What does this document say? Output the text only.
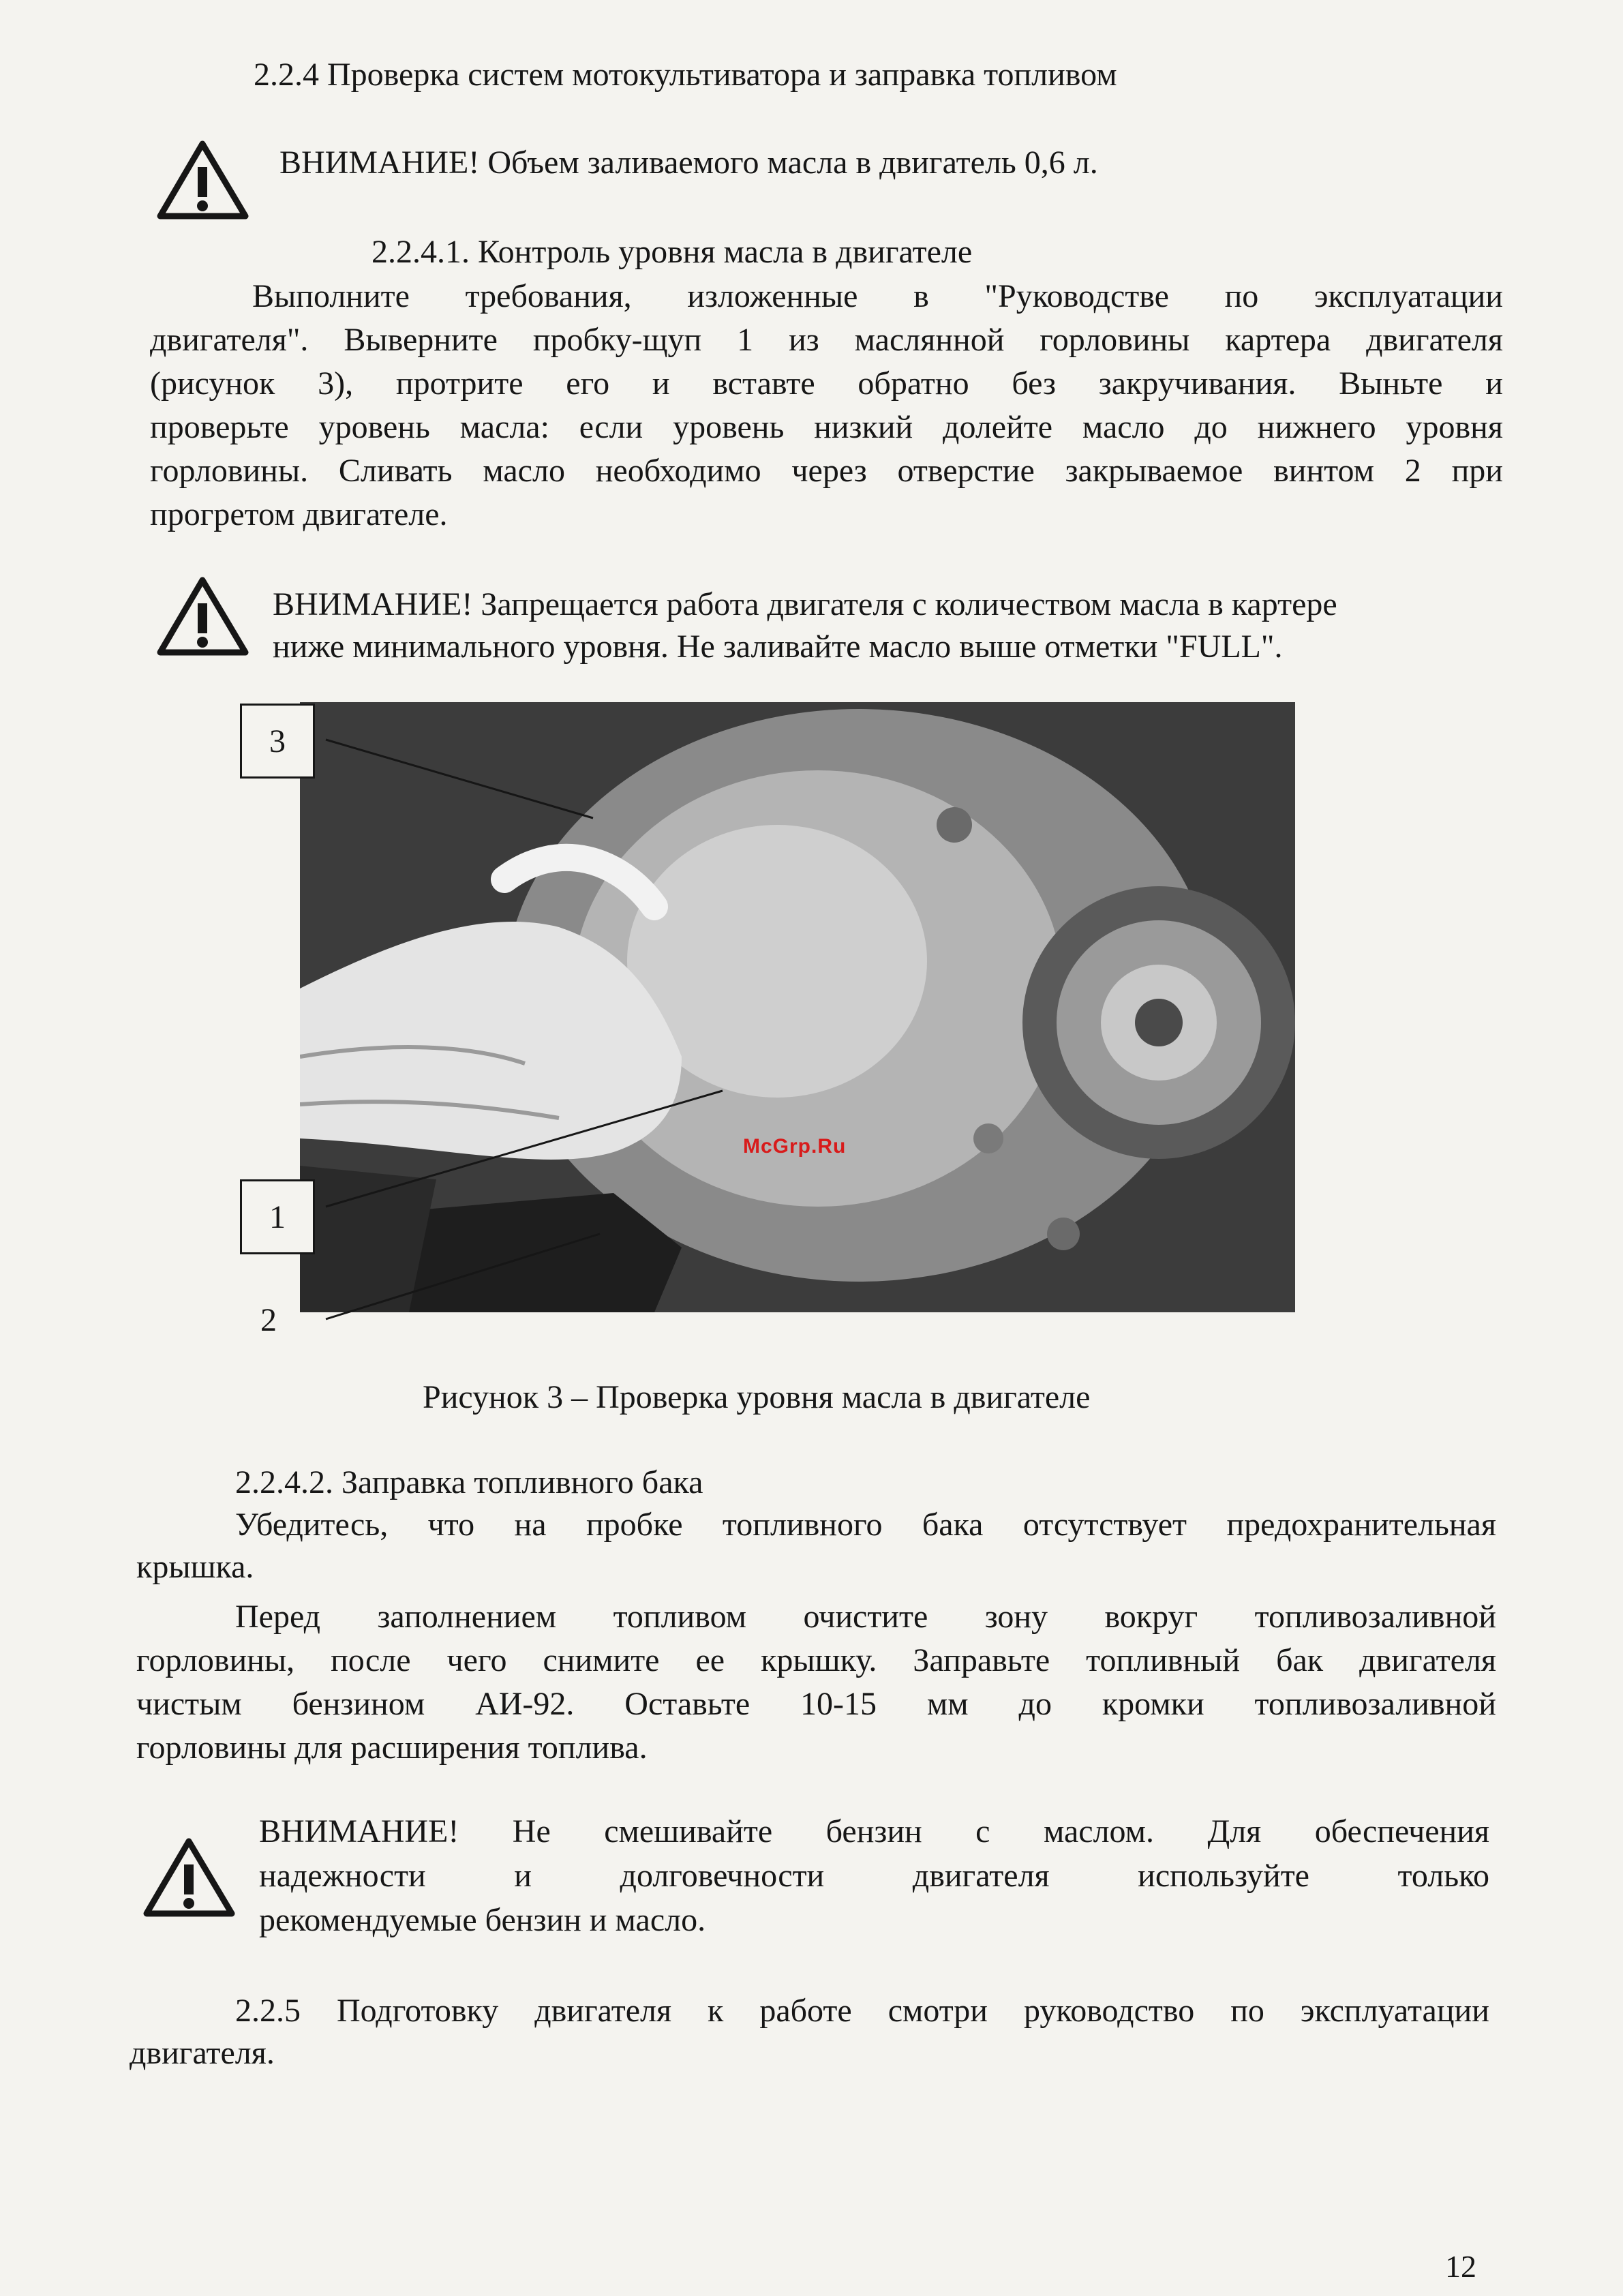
2.2.4 Проверка систем мотокультиватора и заправка топливом
ВНИМАНИЕ! Объем заливаемого масла в двигатель 0,6 л.
2.2.4.1. Контроль уровня масла в двигателе
Выполните требования, изложенные в "Руководстве по эксплуатации
двигателя". Выверните пробку-щуп 1 из маслянной горловины картера двигателя
(рисунок 3), протрите его и вставте обратно без закручивания. Выньте и
проверьте уровень масла: если уровень низкий долейте масло до нижнего уровня
горловины. Сливать масло необходимо через отверстие закрываемое винтом 2 при
прогретом двигателе.
ВНИМАНИЕ! Запрещается работа двигателя с количеством масла в картере
ниже минимального уровня. Не заливайте масло выше отметки "FULL".
3
1
2
McGrp.Ru
Рисунок 3 – Проверка уровня масла в двигателе
2.2.4.2. Заправка топливного бака
Убедитесь, что на пробке топливного бака отсутствует предохранительная
крышка.
Перед заполнением топливом очистите зону вокруг топливозаливной
горловины, после чего снимите ее крышку. Заправьте топливный бак двигателя
чистым бензином АИ-92. Оставьте 10-15 мм до кромки топливозаливной
горловины для расширения топлива.
ВНИМАНИЕ! Не смешивайте бензин с маслом. Для обеспечения
надежности	и	долговечности	двигателя	используйте	только
рекомендуемые бензин и масло.
2.2.5 Подготовку двигателя к работе смотри руководство по эксплуатации
двигателя.
12
